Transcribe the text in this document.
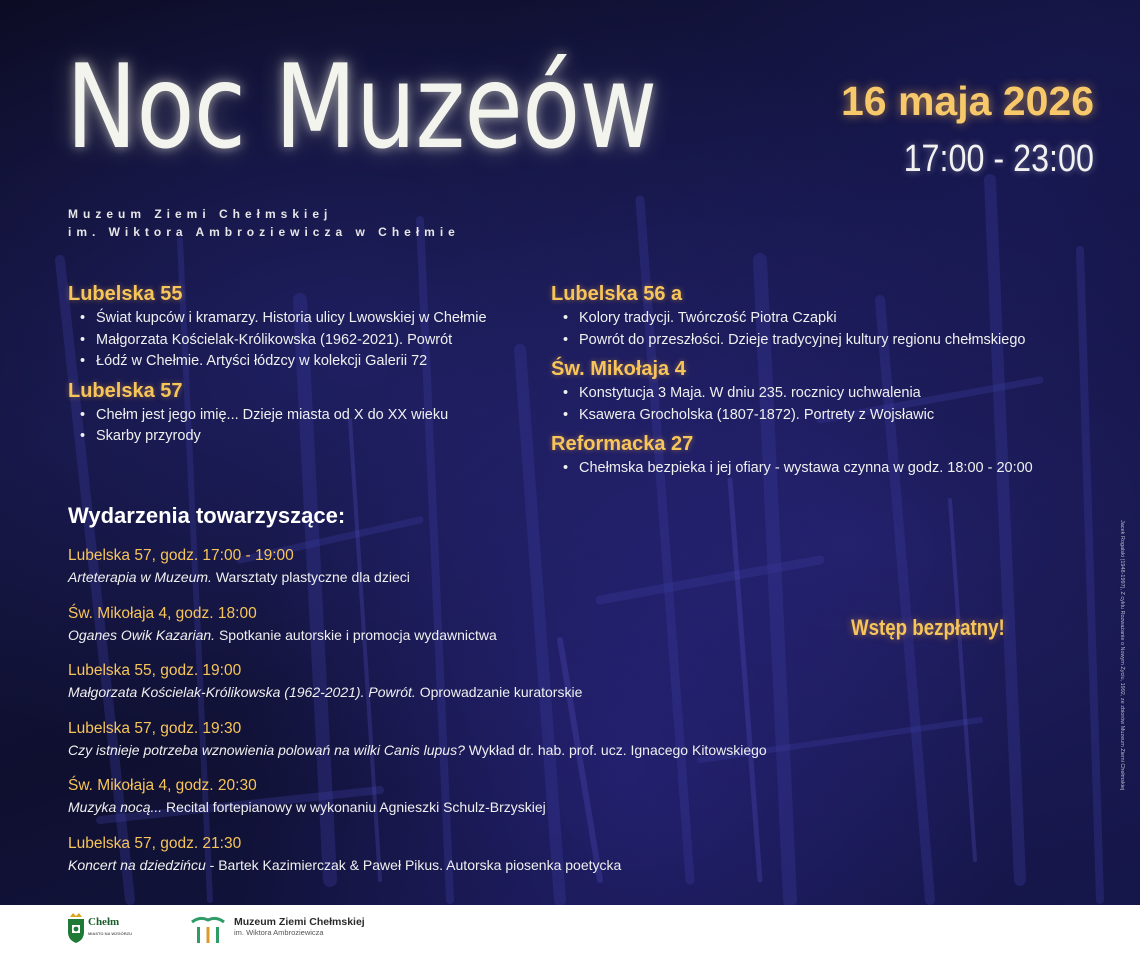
Noc Muzeów	16 maja 2026
17:00 - 23:00
Muzeum Ziemi Chełmskiej
im. Wiktora Ambroziewicza w Chełmie
Lubelska 55
• Świat kupców i kramarzy. Historia ulicy Lwowskiej w Chełmie
• Małgorzata Kościelak-Królikowska (1962-2021). Powrót
• Łódź w Chełmie. Artyści łódzcy w kolekcji Galerii 72
Lubelska 57
• Chełm jest jego imię... Dzieje miasta od X do XX wieku
• Skarby przyrody
Lubelska 56 a
• Kolory tradycji. Twórczość Piotra Czapki
• Powrót do przeszłości. Dzieje tradycyjnej kultury regionu chełmskiego
Św. Mikołaja 4
• Konstytucja 3 Maja. W dniu 235. rocznicy uchwalenia
• Ksawera Grocholska (1807-1872). Portrety z Wojsławic
Reformacka 27
• Chełmska bezpieka i jej ofiary - wystawa czynna w godz. 18:00 - 20:00
Wydarzenia towarzyszące:
Lubelska 57, godz. 17:00 - 19:00
Arteterapia w Muzeum. Warsztaty plastyczne dla dzieci
Św. Mikołaja 4, godz. 18:00
Oganes Owik Kazarian. Spotkanie autorskie i promocja wydawnictwa
Lubelska 55, godz. 19:00
Małgorzata Kościelak-Królikowska (1962-2021). Powrót. Oprowadzanie kuratorskie
Lubelska 57, godz. 19:30
Czy istnieje potrzeba wznowienia polowań na wilki Canis lupus? Wykład dr. hab. prof. ucz. Ignacego Kitowskiego
Św. Mikołaja 4, godz. 20:30
Muzyka nocą... Recital fortepianowy w wykonaniu Agnieszki Schulz-Brzyskiej
Lubelska 57, godz. 21:30
Koncert na dziedzińcu - Bartek Kazimierczak & Paweł Pikus. Autorska piosenka poetycka
Wstęp bezpłatny!	Jacek Rogalski (1948-1997), Z cyklu Rozważanie o Nowym Życiu, 1992, ze zbiorów Muzeum Ziemi Chełmskiej
Chełm
MIASTO NA WZGÓRZU
Muzeum Ziemi Chełmskiej
im. Wiktora Ambroziewicza
